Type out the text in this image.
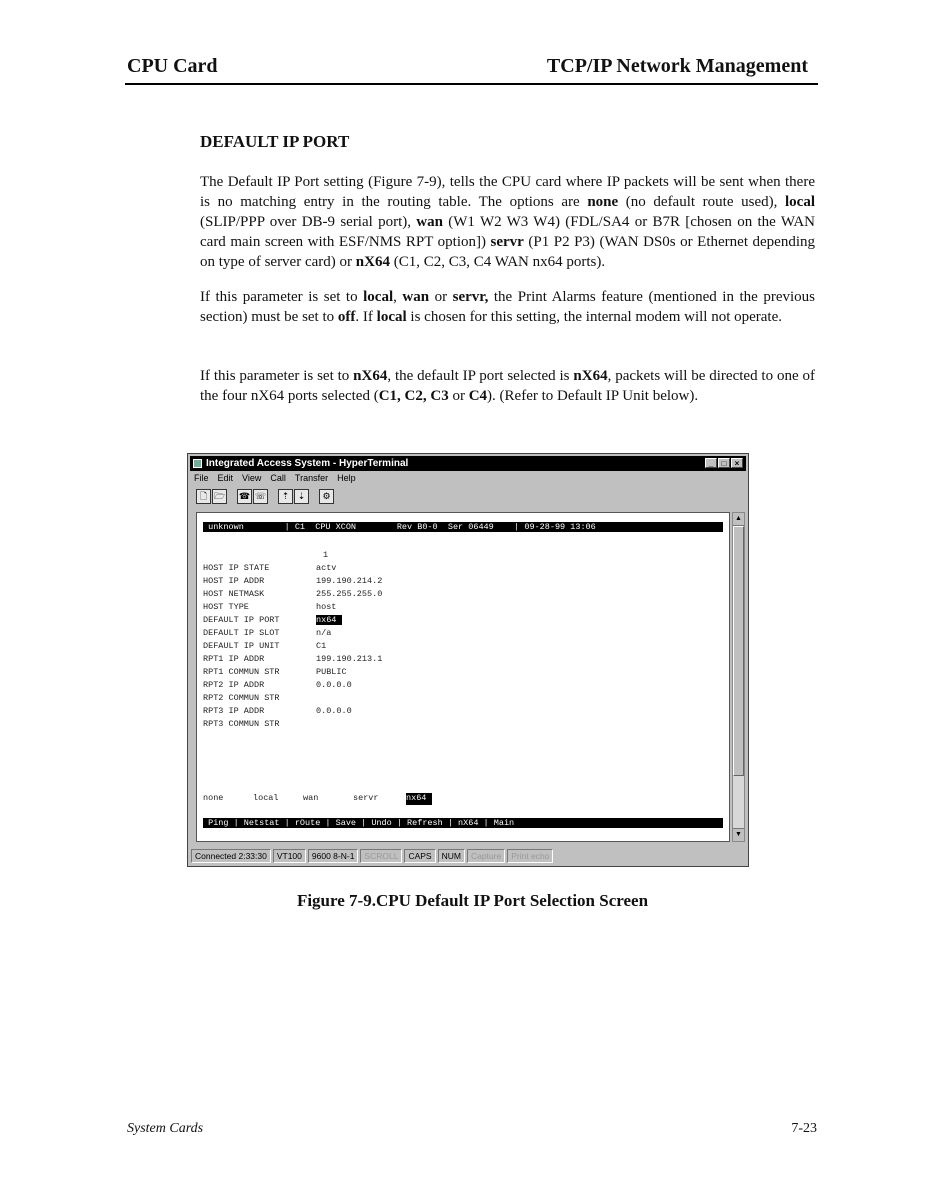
CPU Card	TCP/IP Network Management
DEFAULT IP PORT
The Default IP Port setting (Figure 7-9), tells the CPU card where IP packets will be sent when there is no matching entry in the routing table. The options are none (no default route used), local (SLIP/PPP over DB-9 serial port), wan (W1 W2 W3 W4) (FDL/SA4 or B7R [chosen on the WAN card main screen with ESF/NMS RPT option]) servr (P1 P2 P3) (WAN DS0s or Ethernet depending on type of server card) or nX64 (C1, C2, C3, C4 WAN nx64 ports).
If this parameter is set to local, wan or servr, the Print Alarms feature (mentioned in the previous section) must be set to off. If local is chosen for this setting, the internal modem will not operate.
If this parameter is set to nX64, the default IP port selected is nX64, packets will be directed to one of the four nX64 ports selected (C1, C2, C3 or C4). (Refer to Default IP Unit below).
Integrated Access System - HyperTerminal	_	□	×
File Edit View Call Transfer Help
🗋 🗁 ☎ ☏	⇡ ⇣	⚙
unknown        | C1  CPU XCON        Rev B0-0  Ser 06449    | 09-28-99 13:06
1
HOST IP STATE	actv
HOST IP ADDR	199.190.214.2
HOST NETMASK	255.255.255.0
HOST TYPE	host
DEFAULT IP PORT	nx64
DEFAULT IP SLOT	n/a
DEFAULT IP UNIT	C1
RPT1 IP ADDR	199.190.213.1
RPT1 COMMUN STR	PUBLIC
RPT2 IP ADDR	0.0.0.0
RPT2 COMMUN STR
RPT3 IP ADDR	0.0.0.0
RPT3 COMMUN STR
none	local	wan	servr	nx64
Ping | Netstat | rOute | Save | Undo | Refresh | nX64 | Main
▲
▼
Connected 2:33:30	VT100	9600 8-N-1	SCROLL	CAPS	NUM	Capture	Print echo
Figure 7-9.CPU Default IP Port Selection Screen
System Cards	7-23
